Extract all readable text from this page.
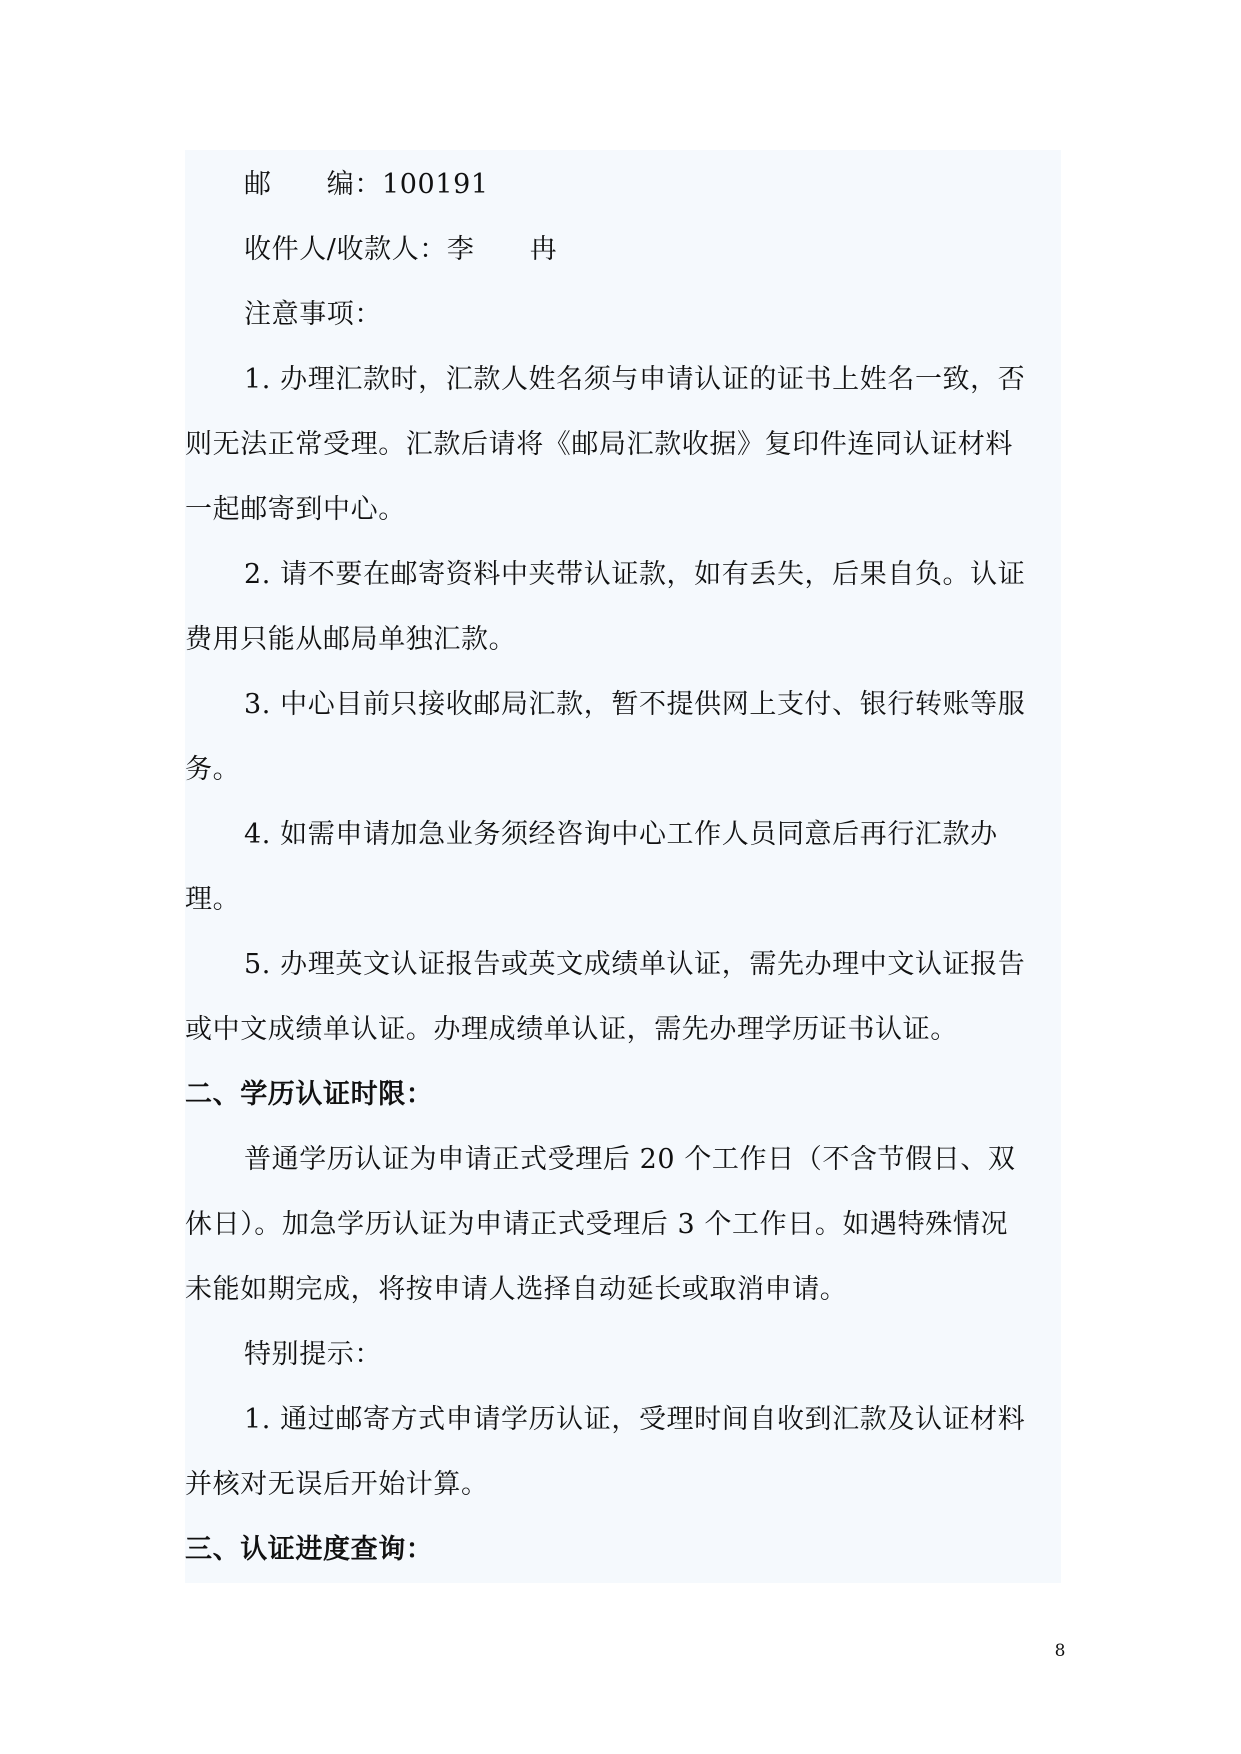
邮　　编：100191
收件人/收款人：李　　冉
注意事项：
1. 办理汇款时，汇款人姓名须与申请认证的证书上姓名一致，否
则无法正常受理。汇款后请将《邮局汇款收据》复印件连同认证材料
一起邮寄到中心。
2. 请不要在邮寄资料中夹带认证款，如有丢失，后果自负。认证
费用只能从邮局单独汇款。
3. 中心目前只接收邮局汇款，暂不提供网上支付、银行转账等服
务。
4. 如需申请加急业务须经咨询中心工作人员同意后再行汇款办
理。
5. 办理英文认证报告或英文成绩单认证，需先办理中文认证报告
或中文成绩单认证。办理成绩单认证，需先办理学历证书认证。
二、学历认证时限：
普通学历认证为申请正式受理后 20 个工作日（不含节假日、双
休日）。加急学历认证为申请正式受理后 3 个工作日。如遇特殊情况
未能如期完成，将按申请人选择自动延长或取消申请。
特别提示：
1. 通过邮寄方式申请学历认证，受理时间自收到汇款及认证材料
并核对无误后开始计算。
三、认证进度查询：
8
